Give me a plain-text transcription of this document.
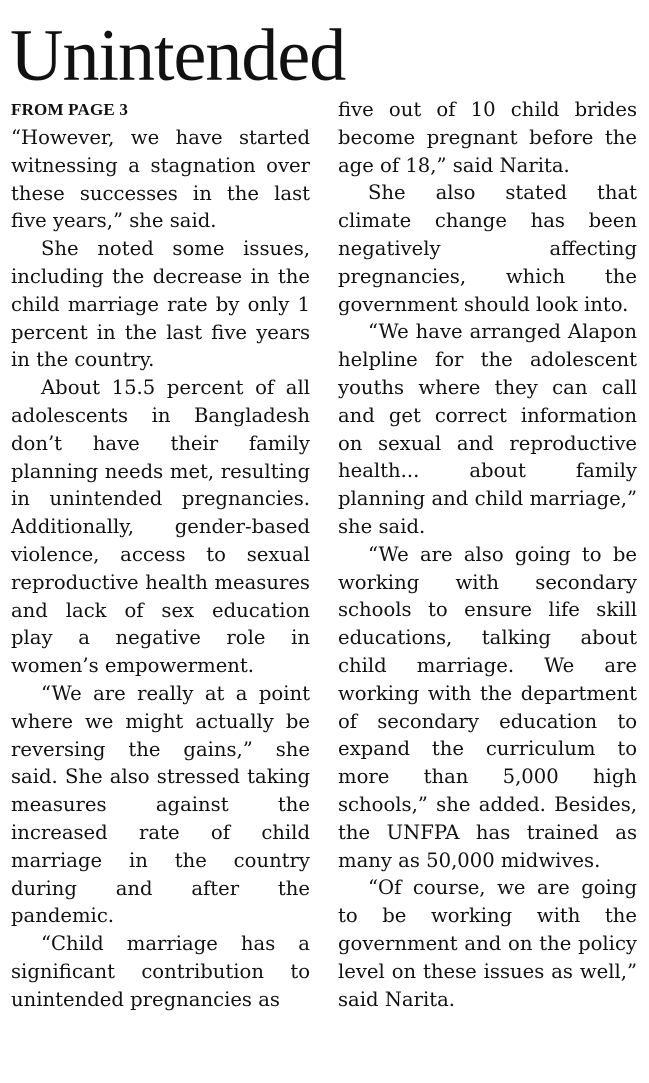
Unintended
FROM PAGE 3

“However, we have started witnessing a stagnation over these successes in the last five years,” she said.

She noted some issues, including the decrease in the child marriage rate by only 1 percent in the last five years in the country.

About 15.5 percent of all adolescents in Bangladesh don’t have their family planning needs met, resulting in unintended pregnancies. Additionally, gender-based violence, access to sexual reproductive health measures and lack of sex education play a negative role in women’s empowerment.

“We are really at a point where we might actually be reversing the gains,” she said. She also stressed taking measures against the increased rate of child marriage in the country during and after the pandemic.

“Child marriage has a significant contribution to unintended pregnancies as

five out of 10 child brides become pregnant before the age of 18,” said Narita.

She also stated that climate change has been negatively affecting pregnancies, which the government should look into.

“We have arranged Alapon helpline for the adolescent youths where they can call and get correct information on sexual and reproductive health... about family planning and child marriage,” she said.

“We are also going to be working with secondary schools to ensure life skill educations, talking about child marriage. We are working with the department of secondary education to expand the curriculum to more than 5,000 high schools,” she added. Besides, the UNFPA has trained as many as 50,000 midwives.

“Of course, we are going to be working with the government and on the policy level on these issues as well,” said Narita.
